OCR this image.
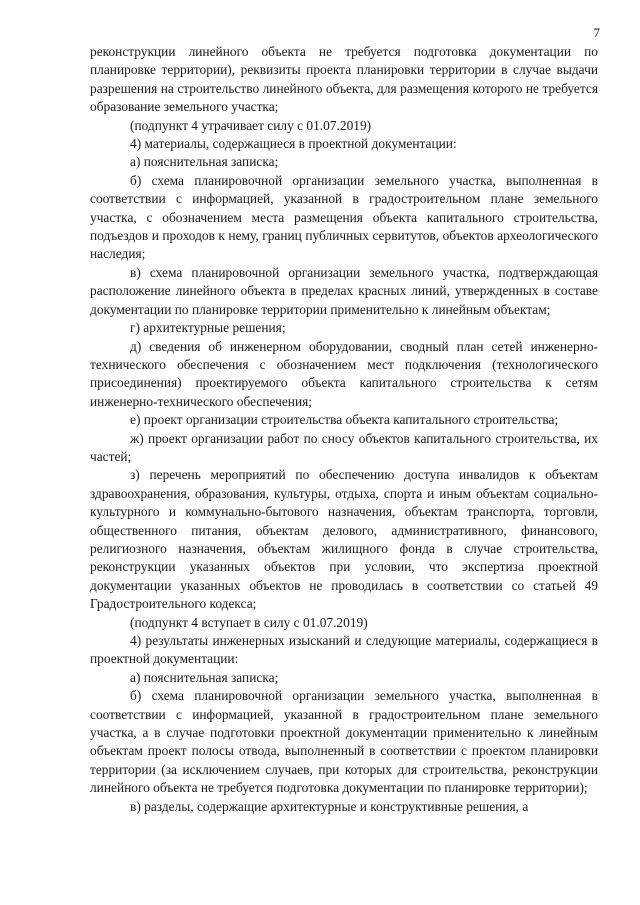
7

реконструкции линейного объекта не требуется подготовка документации по планировке территории), реквизиты проекта планировки территории в случае выдачи разрешения на строительство линейного объекта, для размещения которого не требуется образование земельного участка;

(подпункт 4 утрачивает силу с 01.07.2019)

4) материалы, содержащиеся в проектной документации:

а) пояснительная записка;

б) схема планировочной организации земельного участка, выполненная в соответствии с информацией, указанной в градостроительном плане земельного участка, с обозначением места размещения объекта капитального строительства, подъездов и проходов к нему, границ публичных сервитутов, объектов археологического наследия;

в) схема планировочной организации земельного участка, подтверждающая расположение линейного объекта в пределах красных линий, утвержденных в составе документации по планировке территории применительно к линейным объектам;

г) архитектурные решения;

д) сведения об инженерном оборудовании, сводный план сетей инженерно-технического обеспечения с обозначением мест подключения (технологического присоединения) проектируемого объекта капитального строительства к сетям инженерно-технического обеспечения;

е) проект организации строительства объекта капитального строительства;

ж) проект организации работ по сносу объектов капитального строительства, их частей;

з) перечень мероприятий по обеспечению доступа инвалидов к объектам здравоохранения, образования, культуры, отдыха, спорта и иным объектам социально-культурного и коммунально-бытового назначения, объектам транспорта, торговли, общественного питания, объектам делового, административного, финансового, религиозного назначения, объектам жилищного фонда в случае строительства, реконструкции указанных объектов при условии, что экспертиза проектной документации указанных объектов не проводилась в соответствии со статьей 49 Градостроительного кодекса;

(подпункт 4 вступает в силу с 01.07.2019)

4) результаты инженерных изысканий и следующие материалы, содержащиеся в проектной документации:

а) пояснительная записка;

б) схема планировочной организации земельного участка, выполненная в соответствии с информацией, указанной в градостроительном плане земельного участка, а в случае подготовки проектной документации применительно к линейным объектам проект полосы отвода, выполненный в соответствии с проектом планировки территории (за исключением случаев, при которых для строительства, реконструкции линейного объекта не требуется подготовка документации по планировке территории);

в) разделы, содержащие архитектурные и конструктивные решения, а
